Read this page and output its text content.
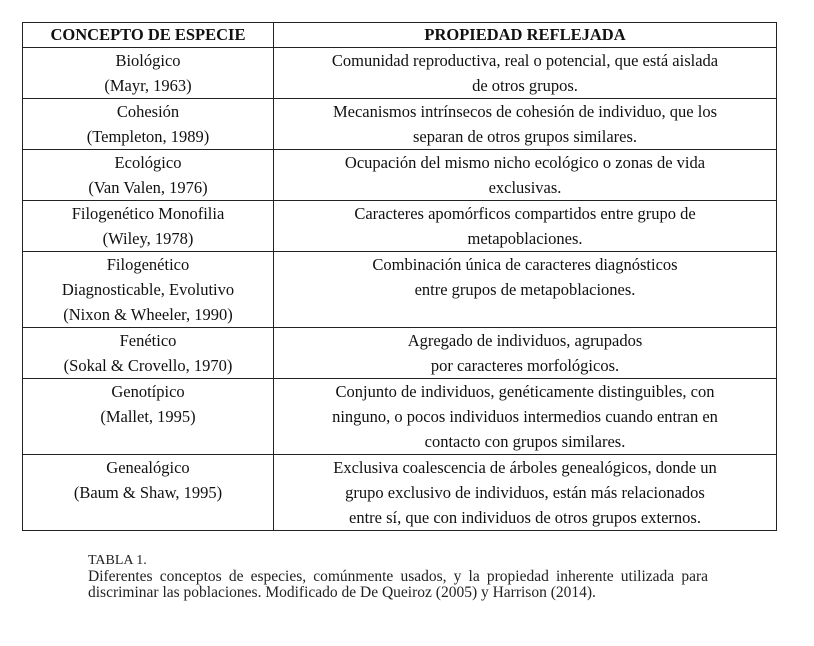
CONCEPTO DE ESPECIE	PROPIEDAD REFLEJADA

Biológico
(Mayr, 1963)	Comunidad reproductiva, real o potencial, que está aislada
de otros grupos.

Cohesión
(Templeton, 1989)	Mecanismos intrínsecos de cohesión de individuo, que los
separan de otros grupos similares.

Ecológico
(Van Valen, 1976)	Ocupación del mismo nicho ecológico o zonas de vida
exclusivas.

Filogenético Monofilia
(Wiley, 1978)	Caracteres apomórficos compartidos entre grupo de
metapoblaciones.

Filogenético
Diagnosticable, Evolutivo
(Nixon & Wheeler, 1990)	Combinación única de caracteres diagnósticos
entre grupos de metapoblaciones.

Fenético
(Sokal & Crovello, 1970)	Agregado de individuos, agrupados
por caracteres morfológicos.

Genotípico
(Mallet, 1995)	Conjunto de individuos, genéticamente distinguibles, con
ninguno, o pocos individuos intermedios cuando entran en
contacto con grupos similares.

Genealógico
(Baum & Shaw, 1995)	Exclusiva coalescencia de árboles genealógicos, donde un
grupo exclusivo de individuos, están más relacionados
entre sí, que con individuos de otros grupos externos.
TABLA 1.
Diferentes conceptos de especies, comúnmente usados, y la propiedad inherente utilizada para discriminar las poblaciones. Modificado de De Queiroz (2005) y Harrison (2014).
